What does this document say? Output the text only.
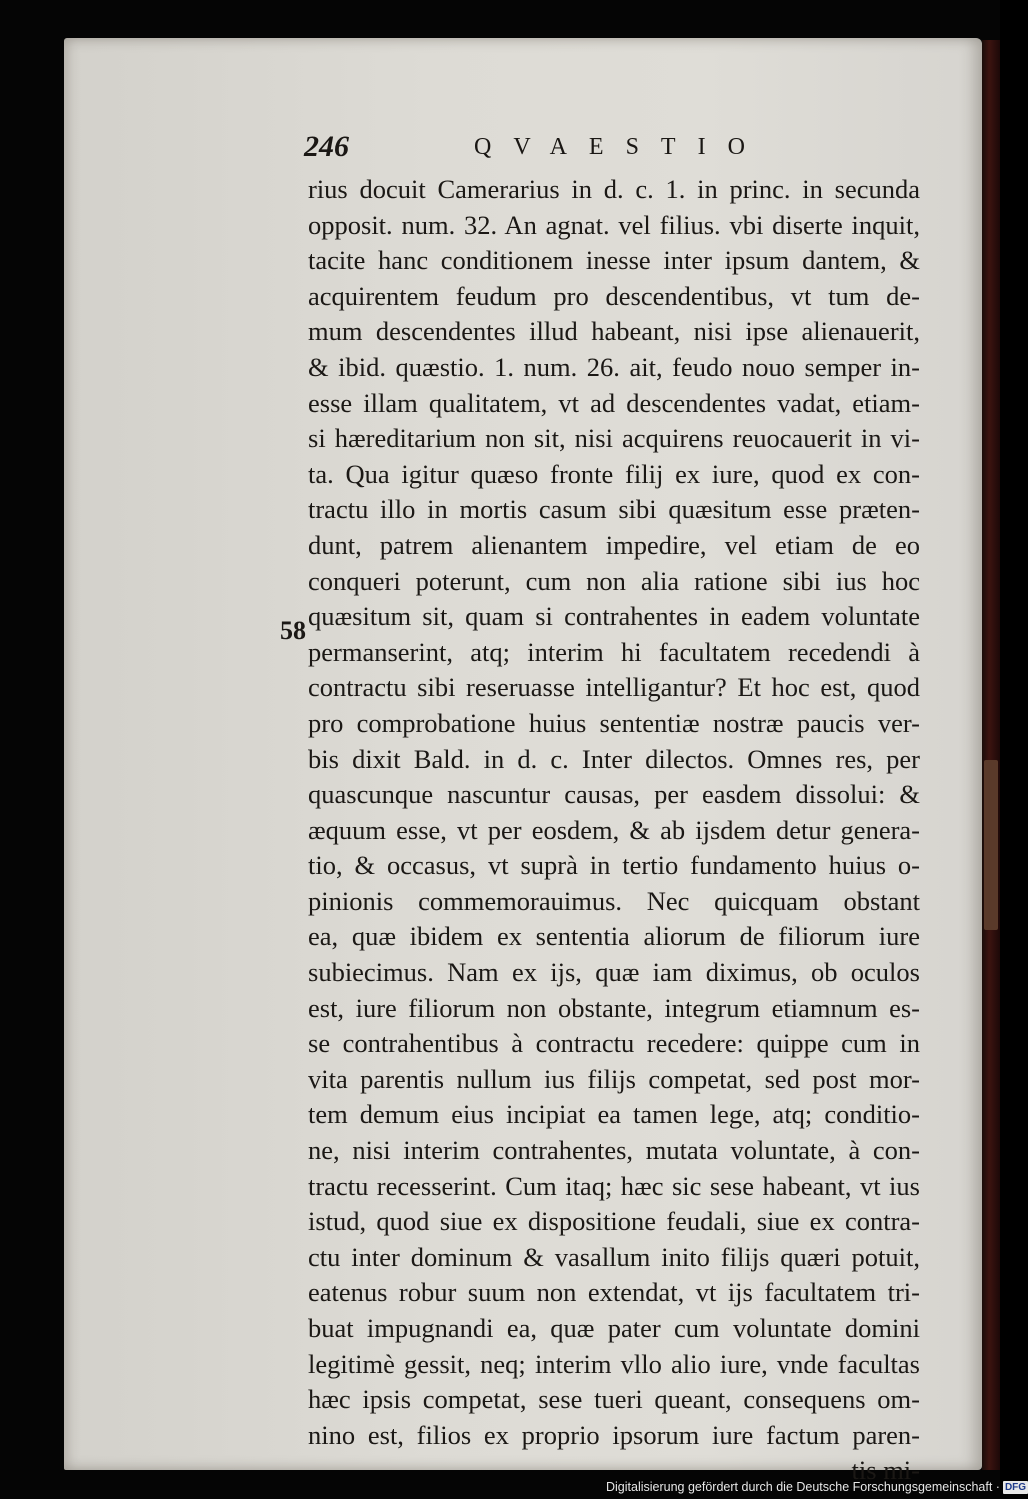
246	QVAESTIO
58
rius docuit Camerarius in d. c. 1. in princ. in secunda
opposit. num. 32. An agnat. vel filius. vbi diserte inquit,
tacite hanc conditionem inesse inter ipsum dantem, &
acquirentem feudum pro descendentibus, vt tum de-
mum descendentes illud habeant, nisi ipse alienauerit,
& ibid. quæstio. 1. num. 26. ait, feudo nouo semper in-
esse illam qualitatem, vt ad descendentes vadat, etiam-
si hæreditarium non sit, nisi acquirens reuocauerit in vi-
ta. Qua igitur quæso fronte filij ex iure, quod ex con-
tractu illo in mortis casum sibi quæsitum esse præten-
dunt, patrem alienantem impedire, vel etiam de eo
conqueri poterunt, cum non alia ratione sibi ius hoc
quæsitum sit, quam si contrahentes in eadem voluntate
permanserint, atq; interim hi facultatem recedendi à
contractu sibi reseruasse intelligantur? Et hoc est, quod
pro comprobatione huius sententiæ nostræ paucis ver-
bis dixit Bald. in d. c. Inter dilectos. Omnes res, per
quascunque nascuntur causas, per easdem dissolui: &
æquum esse, vt per eosdem, & ab ijsdem detur genera-
tio, & occasus, vt suprà in tertio fundamento huius o-
pinionis commemorauimus. Nec quicquam obstant
ea, quæ ibidem ex sententia aliorum de filiorum iure
subiecimus. Nam ex ijs, quæ iam diximus, ob oculos
est, iure filiorum non obstante, integrum etiamnum es-
se contrahentibus à contractu recedere: quippe cum in
vita parentis nullum ius filijs competat, sed post mor-
tem demum eius incipiat ea tamen lege, atq; conditio-
ne, nisi interim contrahentes, mutata voluntate, à con-
tractu recesserint. Cum itaq; hæc sic sese habeant, vt ius
istud, quod siue ex dispositione feudali, siue ex contra-
ctu inter dominum & vasallum inito filijs quæri potuit,
eatenus robur suum non extendat, vt ijs facultatem tri-
buat impugnandi ea, quæ pater cum voluntate domini
legitimè gessit, neq; interim vllo alio iure, vnde facultas
hæc ipsis competat, sese tueri queant, consequens om-
nino est, filios ex proprio ipsorum iure factum paren-
tis mi-
Digitalisierung gefördert durch die Deutsche Forschungsgemeinschaft · DFG
